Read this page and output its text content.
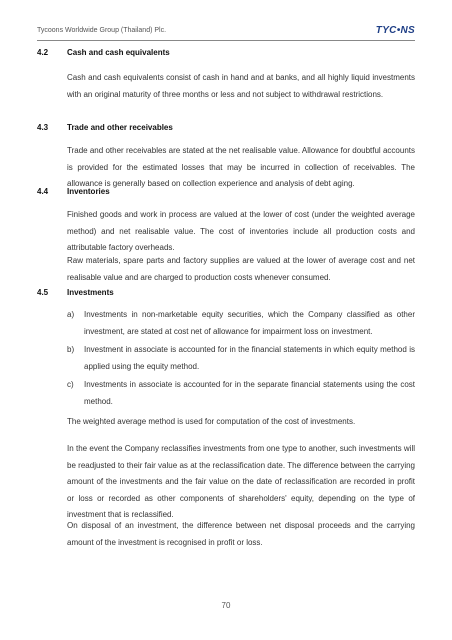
Tycoons Worldwide Group (Thailand) Plc.	TYC•NS
4.2 Cash and cash equivalents
Cash and cash equivalents consist of cash in hand and at banks, and all highly liquid investments with an original maturity of three months or less and not subject to withdrawal restrictions.
4.3 Trade and other receivables
Trade and other receivables are stated at the net realisable value. Allowance for doubtful accounts is provided for the estimated losses that may be incurred in collection of receivables. The allowance is generally based on collection experience and analysis of debt aging.
4.4 Inventories
Finished goods and work in process are valued at the lower of cost (under the weighted average method) and net realisable value. The cost of inventories include all production costs and attributable factory overheads.
Raw materials, spare parts and factory supplies are valued at the lower of average cost and net realisable value and are charged to production costs whenever consumed.
4.5 Investments
a) Investments in non-marketable equity securities, which the Company classified as other investment, are stated at cost net of allowance for impairment loss on investment.
b) Investment in associate is accounted for in the financial statements in which equity method is applied using the equity method.
c) Investments in associate is accounted for in the separate financial statements using the cost method.
The weighted average method is used for computation of the cost of investments.
In the event the Company reclassifies investments from one type to another, such investments will be readjusted to their fair value as at the reclassification date. The difference between the carrying amount of the investments and the fair value on the date of reclassification are recorded in profit or loss or recorded as other components of shareholders' equity, depending on the type of investment that is reclassified.
On disposal of an investment, the difference between net disposal proceeds and the carrying amount of the investment is recognised in profit or loss.
70
